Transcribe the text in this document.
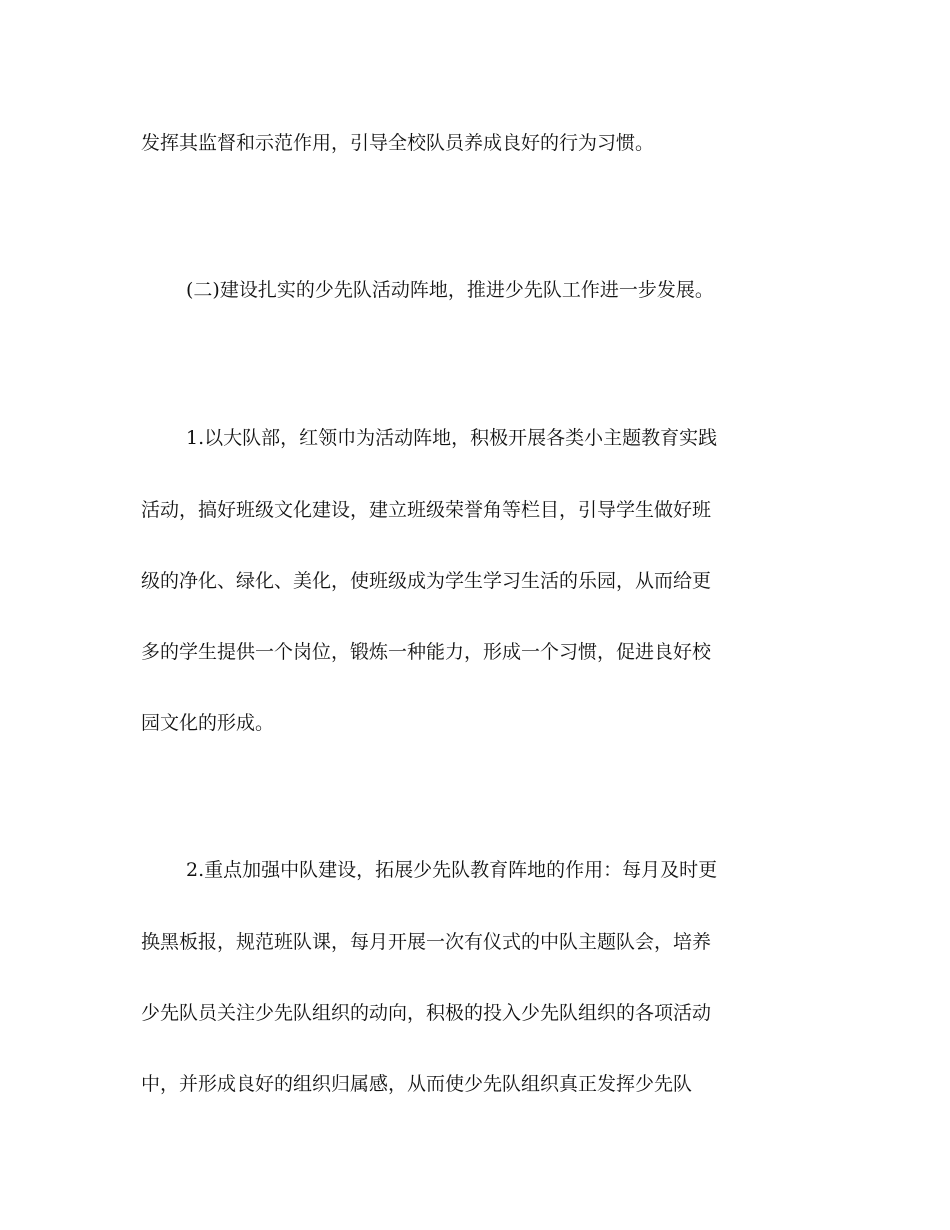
发挥其监督和示范作用，引导全校队员养成良好的行为习惯。

(二)建设扎实的少先队活动阵地，推进少先队工作进一步发展。

1.以大队部，红领巾为活动阵地，积极开展各类小主题教育实践

活动，搞好班级文化建设，建立班级荣誉角等栏目，引导学生做好班

级的净化、绿化、美化，使班级成为学生学习生活的乐园，从而给更

多的学生提供一个岗位，锻炼一种能力，形成一个习惯，促进良好校

园文化的形成。

2.重点加强中队建设，拓展少先队教育阵地的作用：每月及时更

换黑板报，规范班队课，每月开展一次有仪式的中队主题队会，培养

少先队员关注少先队组织的动向，积极的投入少先队组织的各项活动

中，并形成良好的组织归属感，从而使少先队组织真正发挥少先队
